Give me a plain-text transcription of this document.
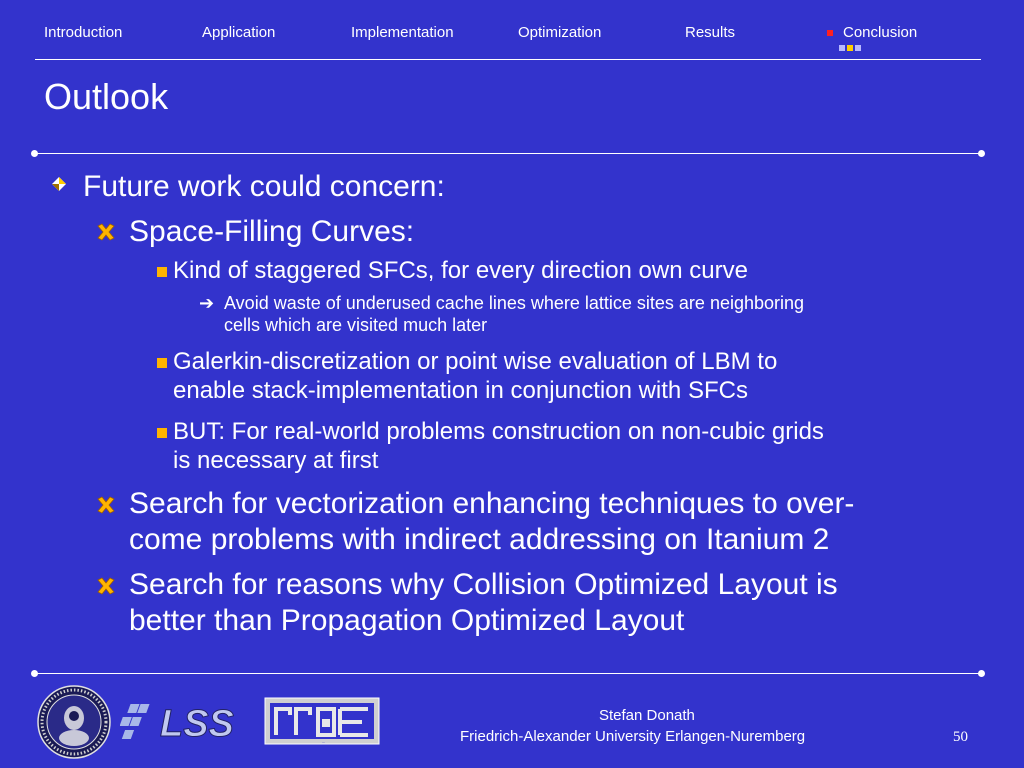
Introduction	Application	Implementation	Optimization	Results	Conclusion
Outlook
Future work could concern:
Space-Filling Curves:
Kind of staggered SFCs, for every direction own curve
➔ Avoid waste of underused cache lines where lattice sites are neighboring
cells which are visited much later
Galerkin-discretization or point wise evaluation of LBM to
enable stack-implementation in conjunction with SFCs
BUT: For real-world problems construction on non-cubic grids
is necessary at first
Search for vectorization enhancing techniques to over-
come problems with indirect addressing on Itanium 2
Search for reasons why Collision Optimized Layout is
better than Propagation Optimized Layout
LSS	RRZE
Stefan Donath
Friedrich-Alexander University Erlangen-Nuremberg	50
